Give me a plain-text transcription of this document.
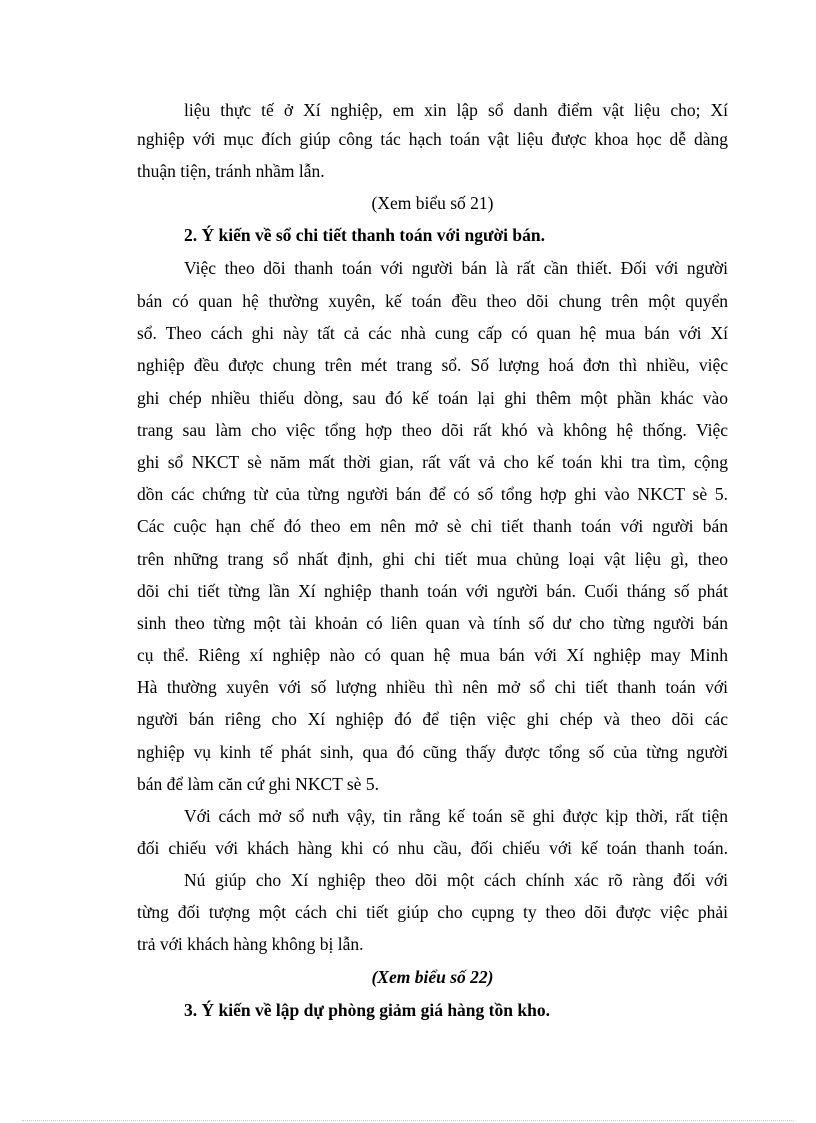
liệu thực tế ở Xí nghiệp, em xin lập sổ danh điểm vật liệu cho; Xí
nghiệp với mục đích giúp công tác hạch toán vật liệu được khoa học dễ dàng
thuận tiện, tránh nhầm lẫn.
(Xem biểu số 21)
2. Ý kiến về sổ chi tiết thanh toán với người bán.
Việc theo dõi thanh toán với người bán là rất cần thiết. Đối với người
bán có quan hệ thường xuyên, kế toán đều theo dõi chung trên một quyển
sổ. Theo cách ghi này tất cả các nhà cung cấp có quan hệ mua bán với Xí
nghiệp đều được chung trên mét trang sổ. Số lượng hoá đơn thì nhiều, việc
ghi chép nhiều thiếu dòng, sau đó kế toán lại ghi thêm một phần khác vào
trang sau làm cho việc tổng hợp theo dõi rất khó và không hệ thống. Việc
ghi sổ NKCT sè năm mất thời gian, rất vất vả cho kế toán khi tra tìm, cộng
dồn các chứng từ của từng người bán để có số tổng hợp ghi vào NKCT sè 5.
Các cuộc hạn chế đó theo em nên mở sè chi tiết thanh toán với người bán
trên những trang sổ nhất định, ghi chi tiết mua chủng loại vật liệu gì, theo
dõi chi tiết từng lần Xí nghiệp thanh toán với người bán. Cuối tháng số phát
sinh theo từng một tài khoản có liên quan và tính số dư cho từng người bán
cụ thể. Riêng xí nghiệp nào có quan hệ mua bán với Xí nghiệp may Minh
Hà thường xuyên với số lượng nhiều thì nên mở sổ chi tiết thanh toán với
người bán riêng cho Xí nghiệp đó để tiện việc ghi chép và theo dõi các
nghiệp vụ kinh tế phát sinh, qua đó cũng thấy được tổng số của từng người
bán để làm căn cứ ghi NKCT sè 5.
Với cách mở sổ nưh vậy, tin rằng kế toán sẽ ghi được kịp thời, rất tiện
đối chiếu với khách hàng khi có nhu cầu, đối chiếu với kế toán thanh toán.
Nú giúp cho Xí nghiệp theo dõi một cách chính xác rõ ràng đối với
từng đối tượng một cách chi tiết giúp cho cụpng ty theo dõi được việc phải
trả với khách hàng không bị lẫn.
(Xem biểu số 22)
3. Ý kiến về lập dự phòng giảm giá hàng tồn kho.
